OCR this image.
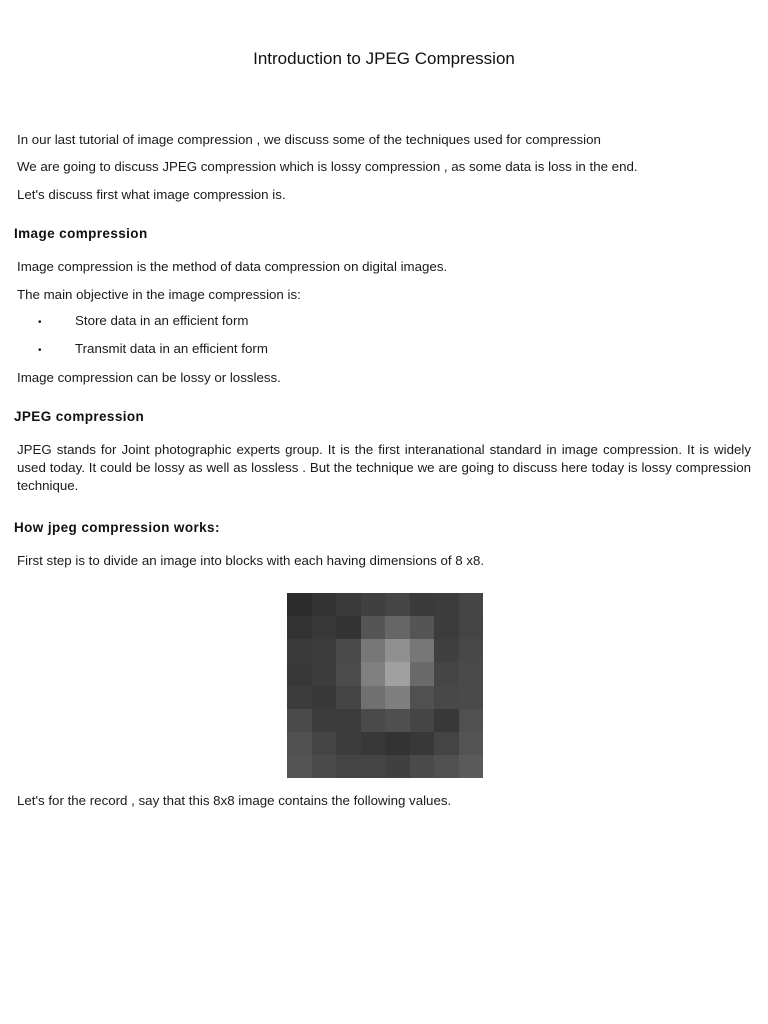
Introduction to JPEG Compression
In our last tutorial of image compression , we discuss some of the techniques used for compression
We are going to discuss JPEG compression which is lossy compression , as some data is loss in the end.
Let's discuss first what image compression is.
Image compression
Image compression is the method of data compression on digital images.
The main objective in the image compression is:
•	Store data in an efficient form
•	Transmit data in an efficient form
Image compression can be lossy or lossless.
JPEG compression
JPEG stands for Joint photographic experts group. It is the first interanational standard in image compression. It is widely used today. It could be lossy as well as lossless . But the technique we are going to discuss here today is lossy compression technique.
How jpeg compression works:
First step is to divide an image into blocks with each having dimensions of 8 x8.
Let's for the record , say that this 8x8 image contains the following values.
